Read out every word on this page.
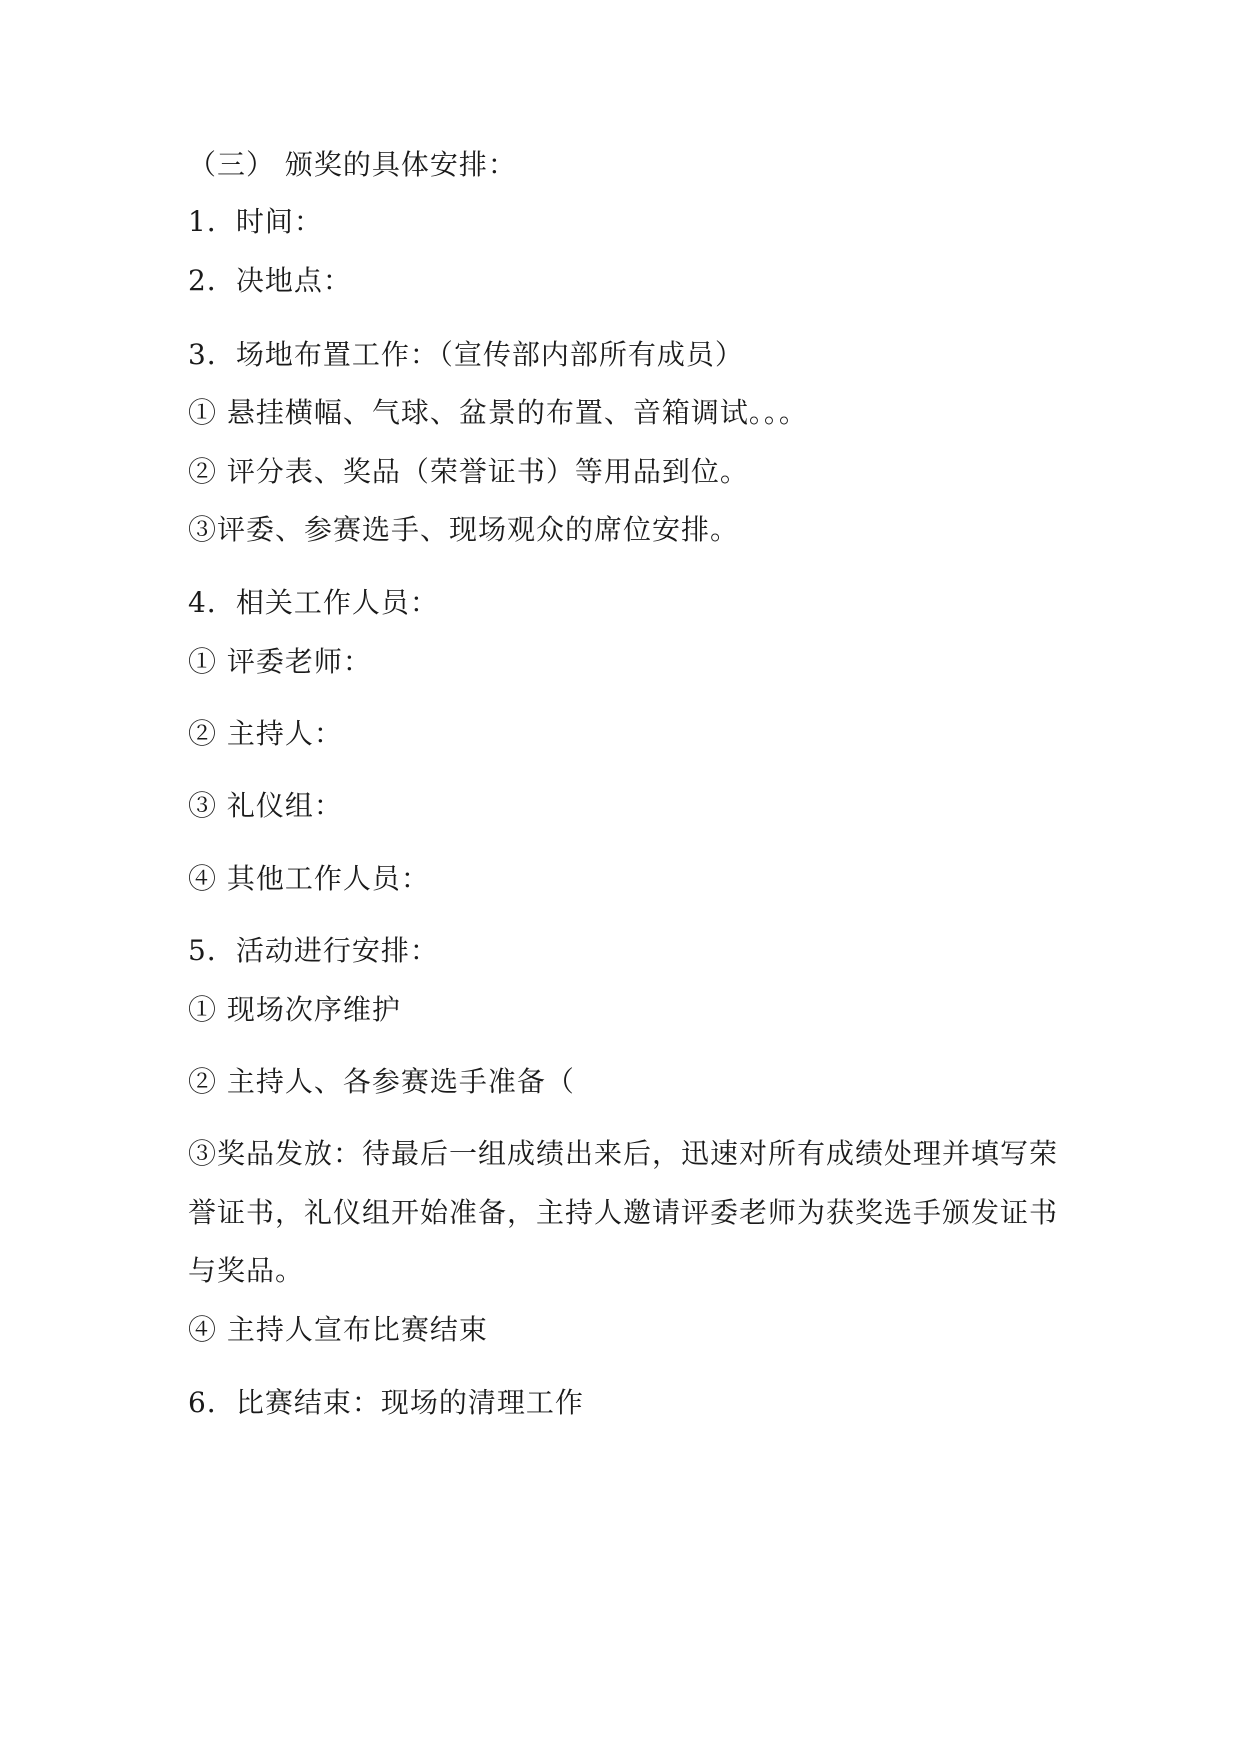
（三） 颁奖的具体安排：
1．时间：
2．决地点：
3．场地布置工作：（宣传部内部所有成员）
① 悬挂横幅、气球、盆景的布置、音箱调试。。。
② 评分表、奖品（荣誉证书）等用品到位。
③评委、参赛选手、现场观众的席位安排。
4．相关工作人员：
① 评委老师：
② 主持人：
③ 礼仪组：
④ 其他工作人员：
5．活动进行安排：
① 现场次序维护
② 主持人、各参赛选手准备（
③奖品发放：待最后一组成绩出来后，迅速对所有成绩处理并填写荣
誉证书，礼仪组开始准备，主持人邀请评委老师为获奖选手颁发证书
与奖品。
④ 主持人宣布比赛结束
6．比赛结束：现场的清理工作
